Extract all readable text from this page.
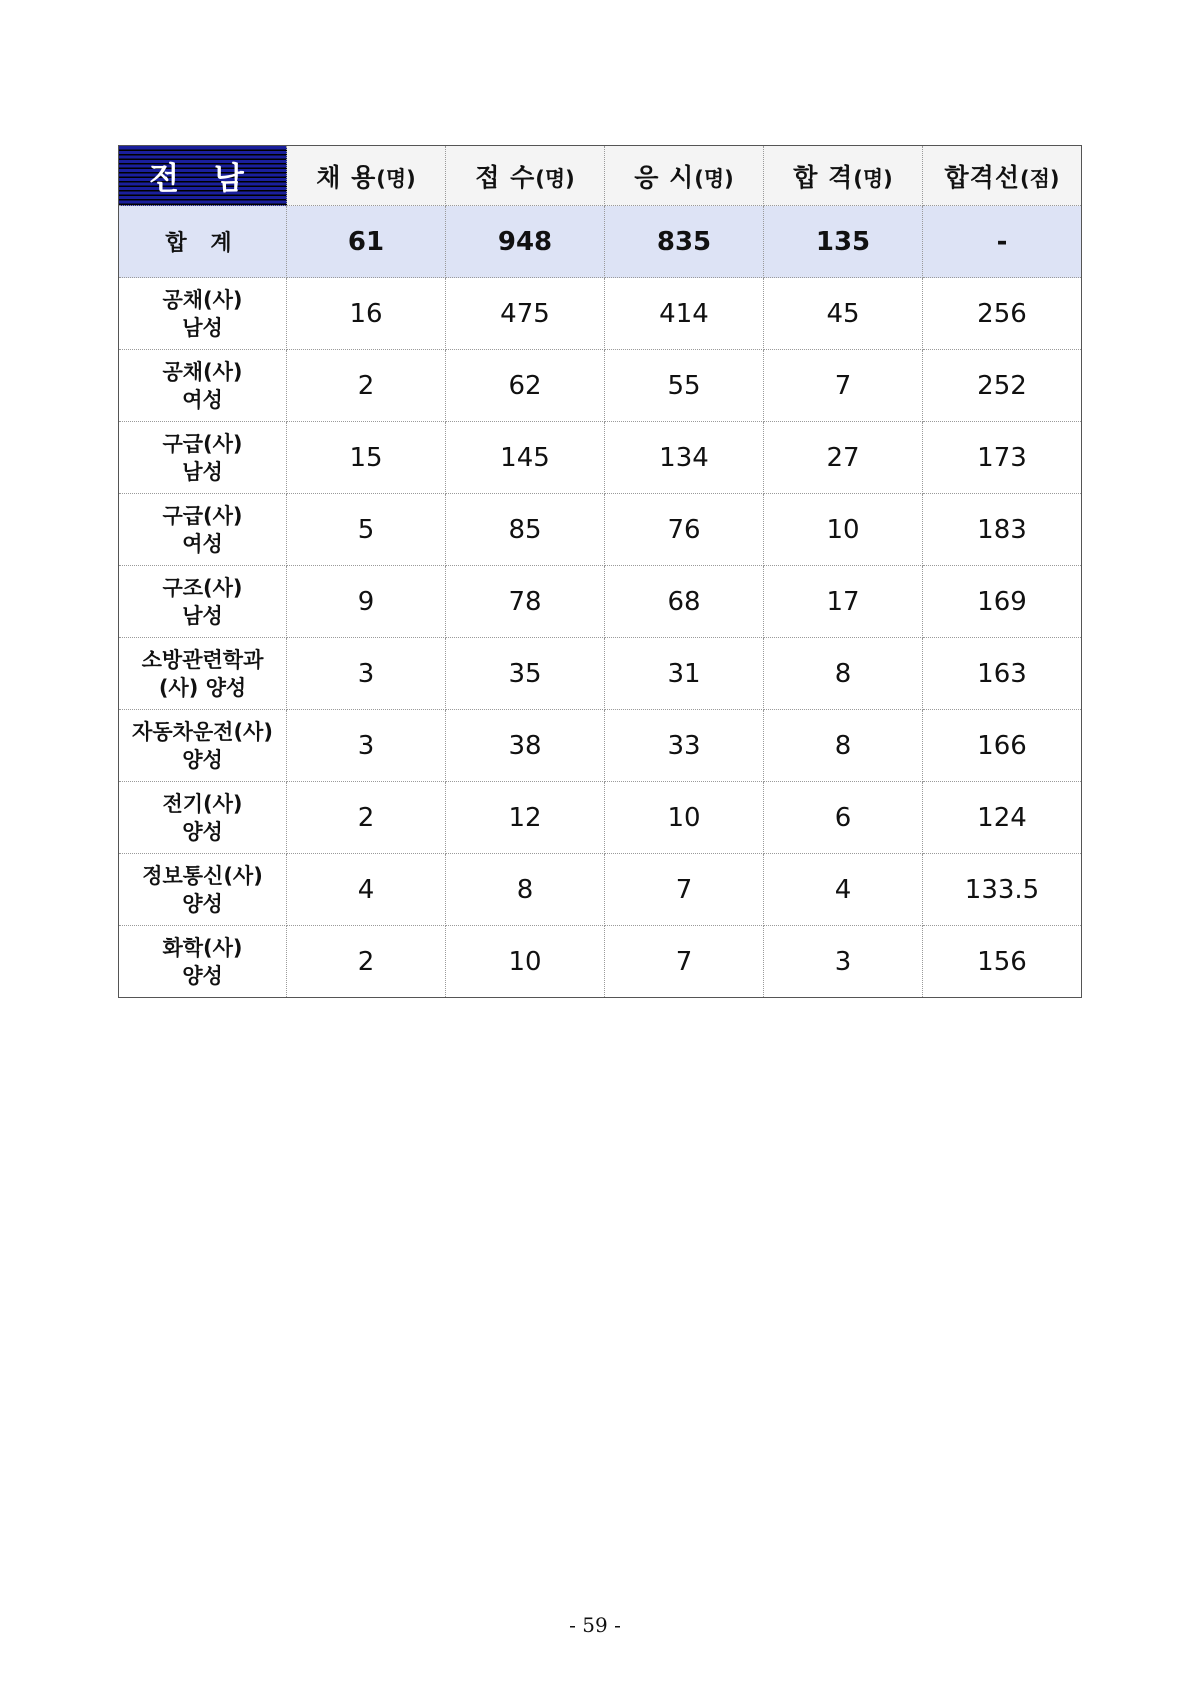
전 남	채 용(명)	접 수(명)	응 시(명)	합 격(명)	합격선(점)
합 계	61	948	835	135	-

공채(사)
남성	16	475	414	45	256

공채(사)
여성	2	62	55	7	252

구급(사)
남성	15	145	134	27	173

구급(사)
여성	5	85	76	10	183

구조(사)
남성	9	78	68	17	169

소방관련학과
(사) 양성	3	35	31	8	163

자동차운전(사)
양성	3	38	33	8	166

전기(사)
양성	2	12	10	6	124

정보통신(사)
양성	4	8	7	4	133.5

화학(사)
양성	2	10	7	3	156
- 59 -
